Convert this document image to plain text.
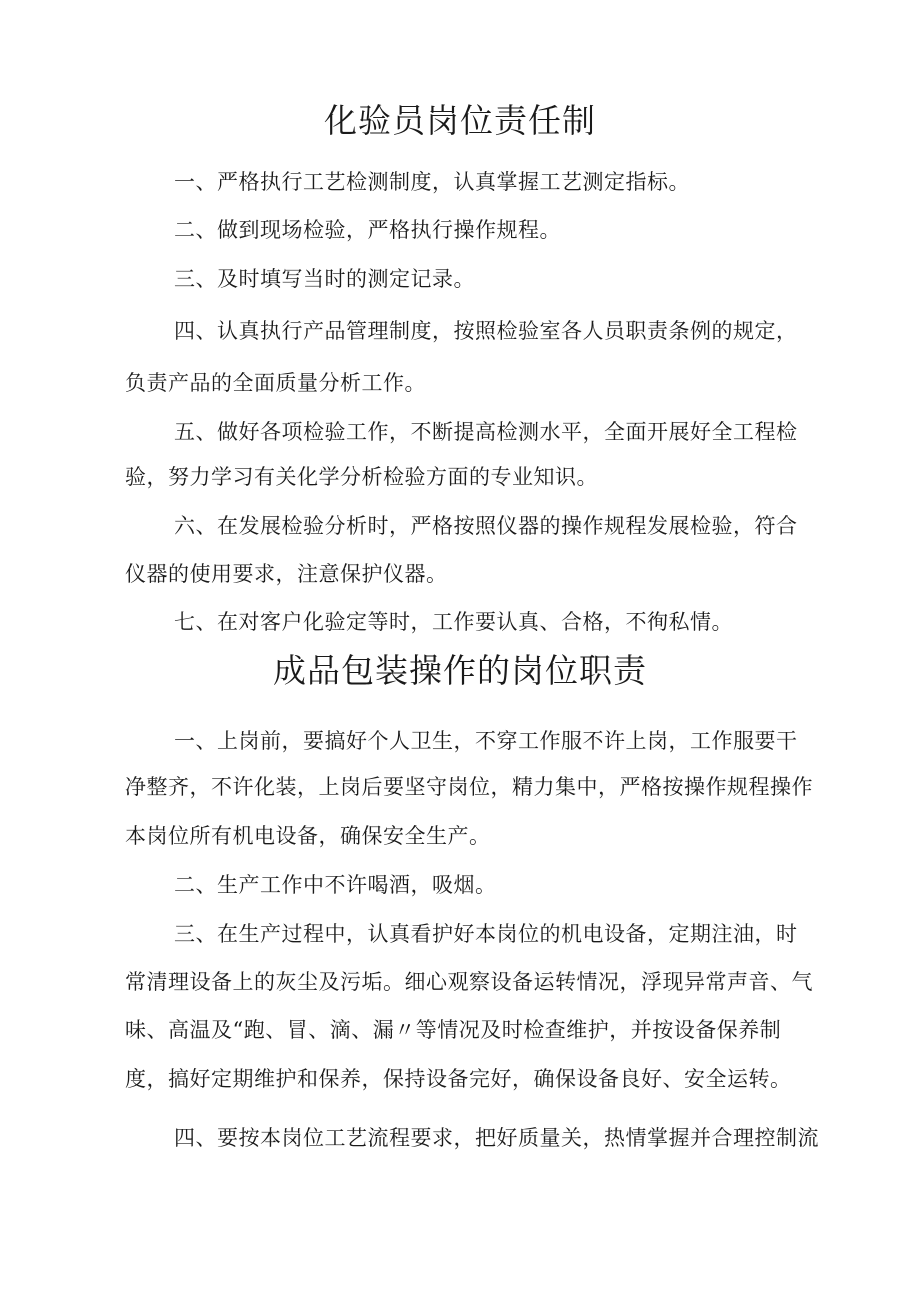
化验员岗位责任制

一、严格执行工艺检测制度，认真掌握工艺测定指标。

二、做到现场检验，严格执行操作规程。

三、及时填写当时的测定记录。

四、认真执行产品管理制度，按照检验室各人员职责条例的规定，

负责产品的全面质量分析工作。

五、做好各项检验工作，不断提高检测水平，全面开展好全工程检

验，努力学习有关化学分析检验方面的专业知识。

六、在发展检验分析时，严格按照仪器的操作规程发展检验，符合

仪器的使用要求，注意保护仪器。

七、在对客户化验定等时，工作要认真、合格，不徇私情。

成品包装操作的岗位职责

一、上岗前，要搞好个人卫生，不穿工作服不许上岗，工作服要干

净整齐，不许化装，上岗后要坚守岗位，精力集中，严格按操作规程操作

本岗位所有机电设备，确保安全生产。

二、生产工作中不许喝酒，吸烟。

三、在生产过程中，认真看护好本岗位的机电设备，定期注油，时

常清理设备上的灰尘及污垢。细心观察设备运转情况，浮现异常声音、气

味、高温及“跑、冒、滴、漏〃等情况及时检查维护，并按设备保养制

度，搞好定期维护和保养，保持设备完好，确保设备良好、安全运转。

四、要按本岗位工艺流程要求，把好质量关，热情掌握并合理控制流
